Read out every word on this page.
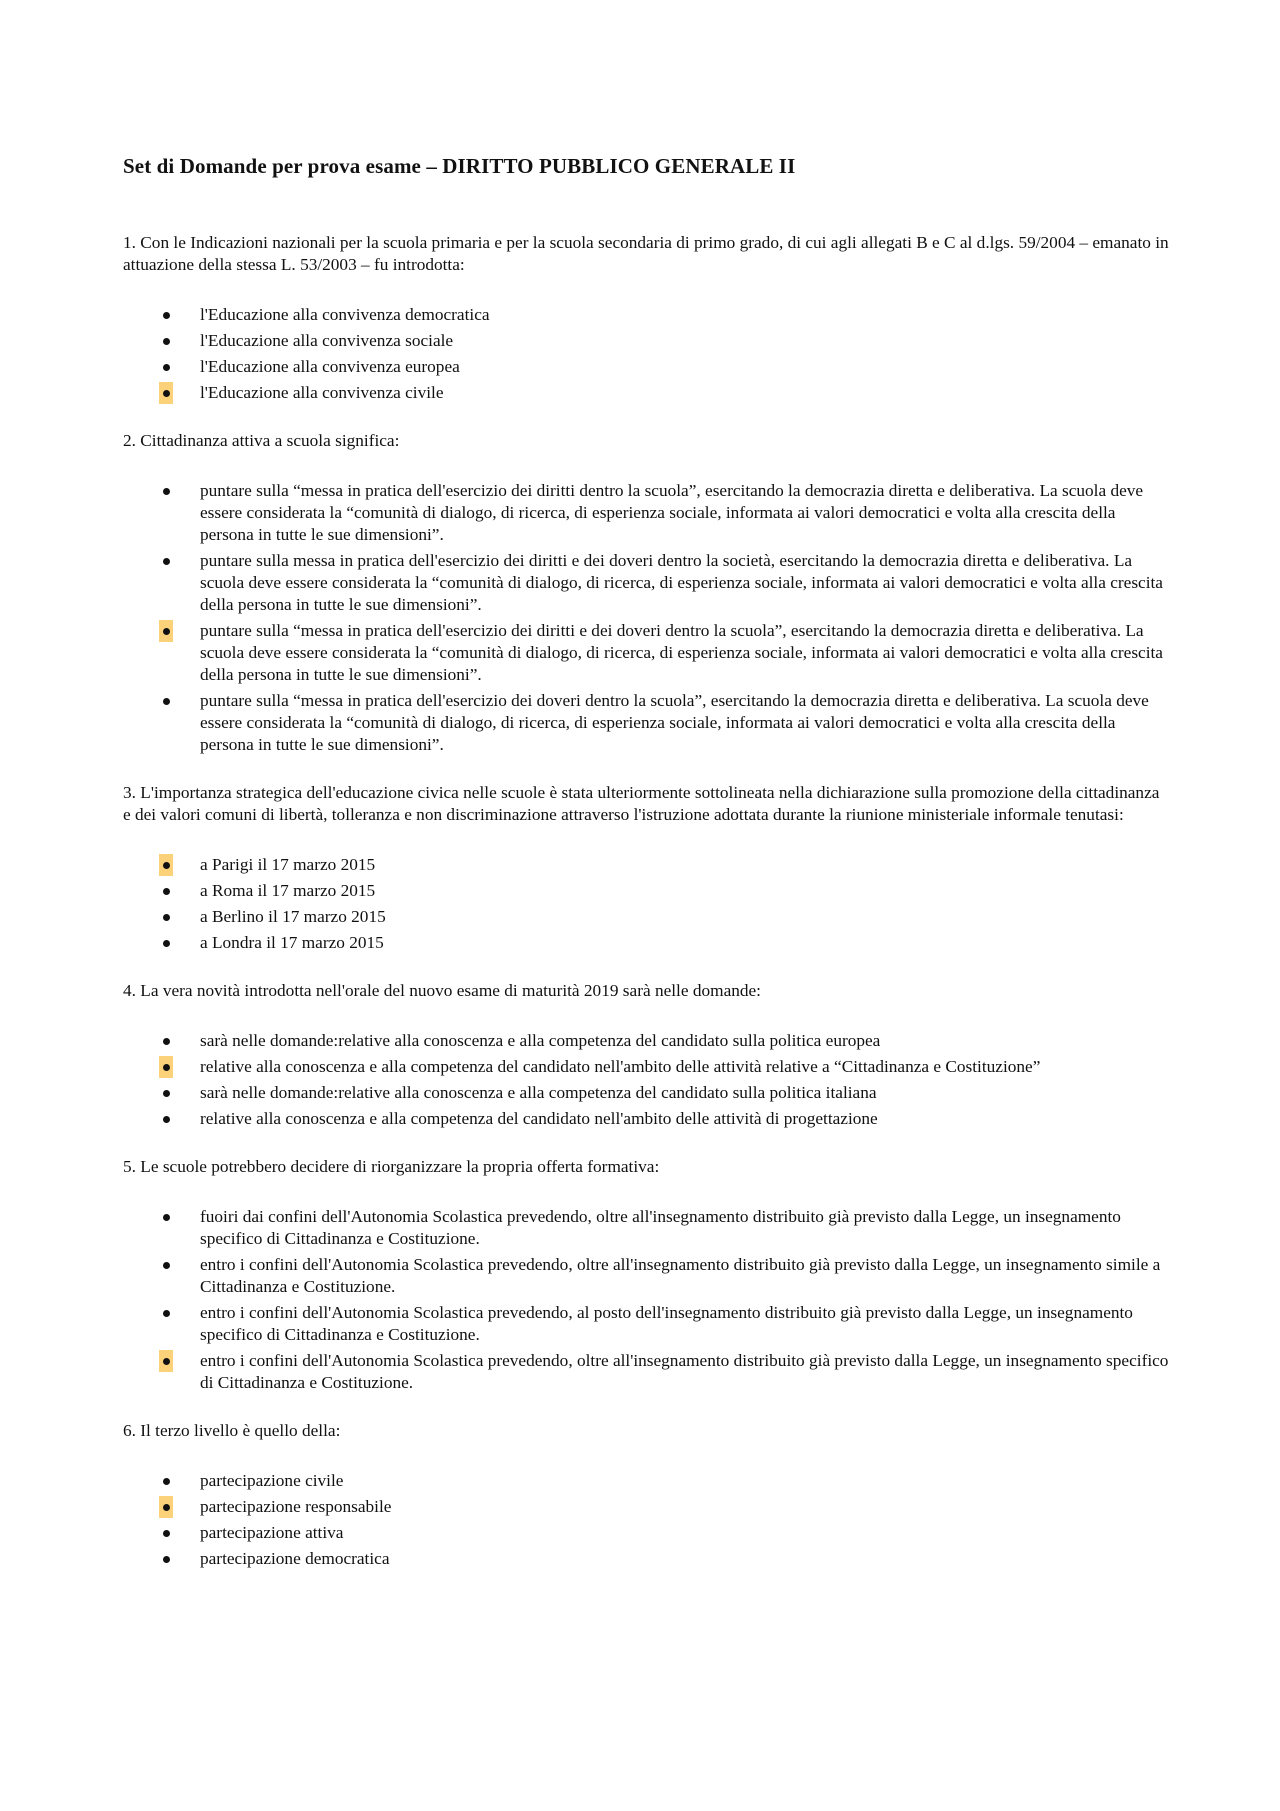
Set di Domande per prova esame – DIRITTO PUBBLICO GENERALE II

1. Con le Indicazioni nazionali per la scuola primaria e per la scuola secondaria di primo grado, di cui agli allegati B e C al d.lgs. 59/2004 – emanato in attuazione della stessa L. 53/2003 – fu introdotta:

l'Educazione alla convivenza democratica
l'Educazione alla convivenza sociale
l'Educazione alla convivenza europea
l'Educazione alla convivenza civile

2. Cittadinanza attiva a scuola significa:

puntare sulla “messa in pratica dell'esercizio dei diritti dentro la scuola”, esercitando la democrazia diretta e deliberativa. La scuola deve essere considerata la “comunità di dialogo, di ricerca, di esperienza sociale, informata ai valori democratici e volta alla crescita della persona in tutte le sue dimensioni”.
puntare sulla messa in pratica dell'esercizio dei diritti e dei doveri dentro la società, esercitando la democrazia diretta e deliberativa. La scuola deve essere considerata la “comunità di dialogo, di ricerca, di esperienza sociale, informata ai valori democratici e volta alla crescita della persona in tutte le sue dimensioni”.
puntare sulla “messa in pratica dell'esercizio dei diritti e dei doveri dentro la scuola”, esercitando la democrazia diretta e deliberativa. La scuola deve essere considerata la “comunità di dialogo, di ricerca, di esperienza sociale, informata ai valori democratici e volta alla crescita della persona in tutte le sue dimensioni”.
puntare sulla “messa in pratica dell'esercizio dei doveri dentro la scuola”, esercitando la democrazia diretta e deliberativa. La scuola deve essere considerata la “comunità di dialogo, di ricerca, di esperienza sociale, informata ai valori democratici e volta alla crescita della persona in tutte le sue dimensioni”.

3. L'importanza strategica dell'educazione civica nelle scuole è stata ulteriormente sottolineata nella dichiarazione sulla promozione della cittadinanza e dei valori comuni di libertà, tolleranza e non discriminazione attraverso l'istruzione adottata durante la riunione ministeriale informale tenutasi:

a Parigi il 17 marzo 2015
a Roma il 17 marzo 2015
a Berlino il 17 marzo 2015
a Londra il 17 marzo 2015

4. La vera novità introdotta nell'orale del nuovo esame di maturità 2019 sarà nelle domande:

sarà nelle domande:relative alla conoscenza e alla competenza del candidato sulla politica europea
relative alla conoscenza e alla competenza del candidato nell'ambito delle attività relative a “Cittadinanza e Costituzione”
sarà nelle domande:relative alla conoscenza e alla competenza del candidato sulla politica italiana
relative alla conoscenza e alla competenza del candidato nell'ambito delle attività di progettazione

5. Le scuole potrebbero decidere di riorganizzare la propria offerta formativa:

fuoiri dai confini dell'Autonomia Scolastica prevedendo, oltre all'insegnamento distribuito già previsto dalla Legge, un insegnamento specifico di Cittadinanza e Costituzione.
entro i confini dell'Autonomia Scolastica prevedendo, oltre all'insegnamento distribuito già previsto dalla Legge, un insegnamento simile a Cittadinanza e Costituzione.
entro i confini dell'Autonomia Scolastica prevedendo, al posto dell'insegnamento distribuito già previsto dalla Legge, un insegnamento specifico di Cittadinanza e Costituzione.
entro i confini dell'Autonomia Scolastica prevedendo, oltre all'insegnamento distribuito già previsto dalla Legge, un insegnamento specifico di Cittadinanza e Costituzione.

6. Il terzo livello è quello della:

partecipazione civile
partecipazione responsabile
partecipazione attiva
partecipazione democratica
